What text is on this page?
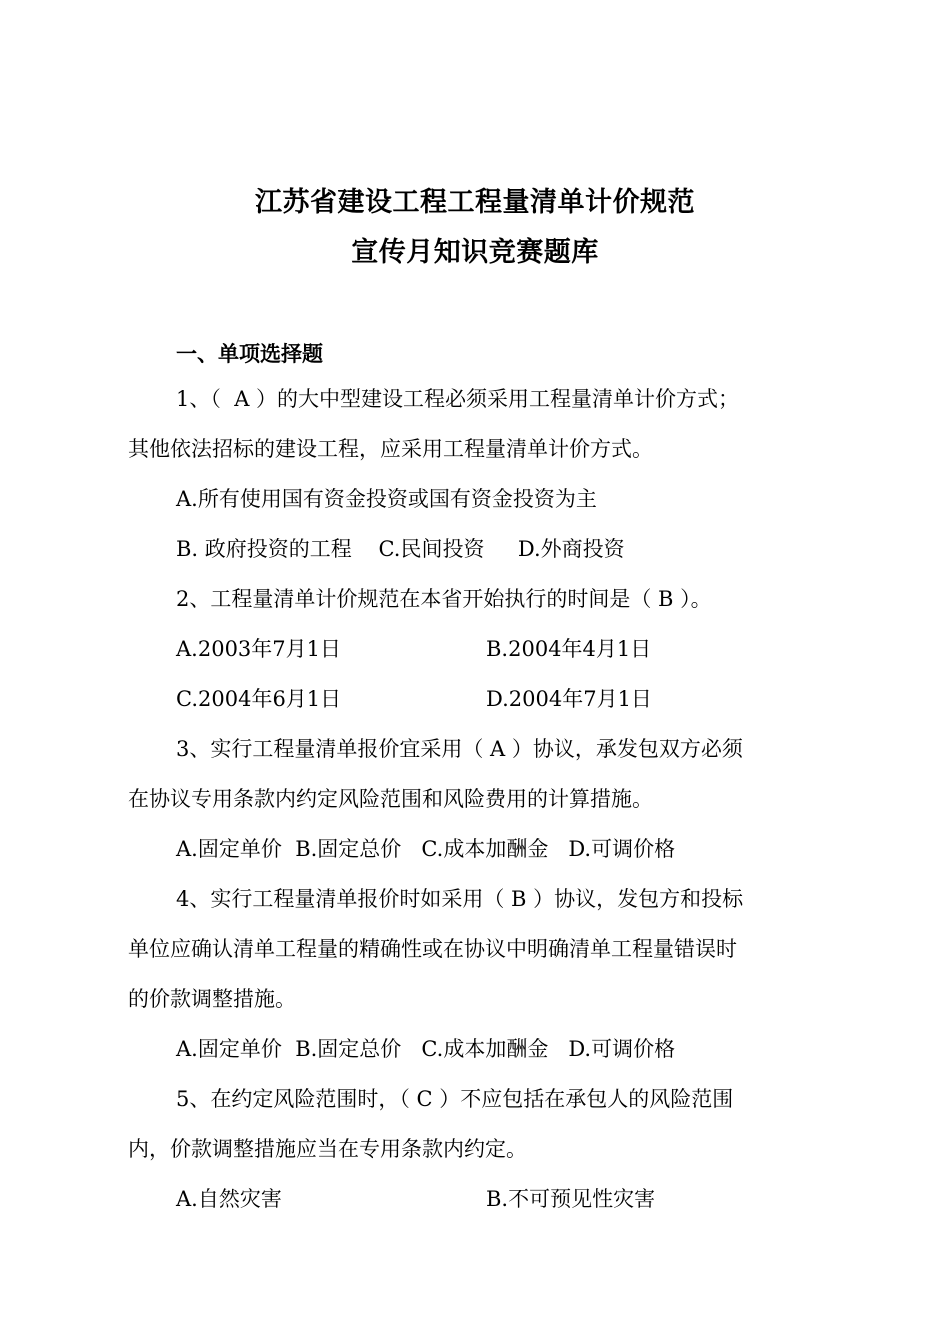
江苏省建设工程工程量清单计价规范
宣传月知识竞赛题库
一、单项选择题
1、（  A ）的大中型建设工程必须采用工程量清单计价方式；
其他依法招标的建设工程，应采用工程量清单计价方式。
A.所有使用国有资金投资或国有资金投资为主
B. 政府投资的工程    C.民间投资     D.外商投资
2、工程量清单计价规范在本省开始执行的时间是（ B ）。
A.2003年7月1日	B.2004年4月1日
C.2004年6月1日	D.2004年7月1日
3、实行工程量清单报价宜采用（ A ）协议，承发包双方必须
在协议专用条款内约定风险范围和风险费用的计算措施。
A.固定单价  B.固定总价   C.成本加酬金   D.可调价格
4、实行工程量清单报价时如采用（ B ）协议，发包方和投标
单位应确认清单工程量的精确性或在协议中明确清单工程量错误时
的价款调整措施。
A.固定单价  B.固定总价   C.成本加酬金   D.可调价格
5、在约定风险范围时，（ C ）不应包括在承包人的风险范围
内，价款调整措施应当在专用条款内约定。
A.自然灾害	B.不可预见性灾害
